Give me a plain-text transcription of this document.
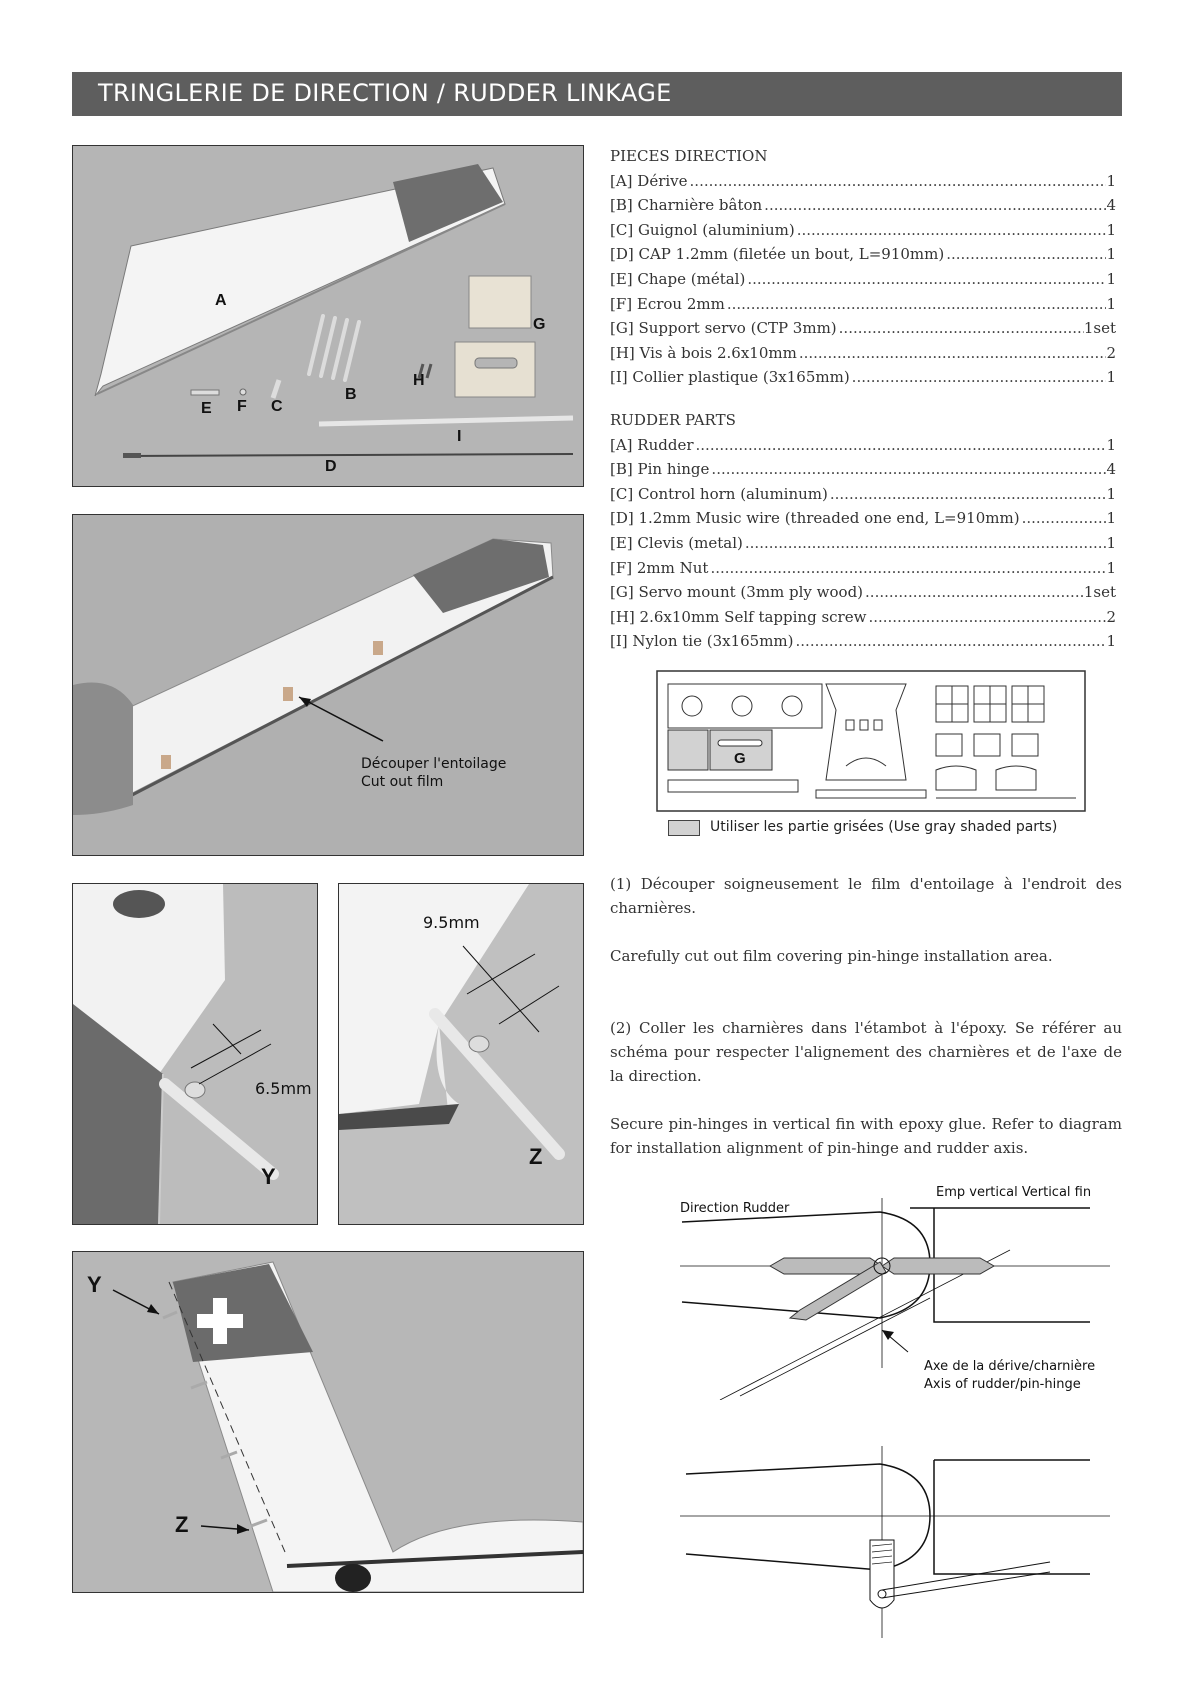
TRINGLERIE DE DIRECTION / RUDDER LINKAGE
A
B
C
D
E F
G
H
I
Découper l'entoilage
Cut out film
6.5mm
Y
9.5mm
Z
Y
Z
PIECES DIRECTION
[A] Dérive .....	1
[B] Charnière bâton .....	4
[C] Guignol (aluminium) .....	1
[D] CAP 1.2mm (filetée un bout, L=910mm) .....	1
[E] Chape (métal) .....	1
[F] Ecrou 2mm .....	1
[G] Support servo (CTP 3mm) .....	1set
[H] Vis à bois 2.6x10mm .....	2
[I] Collier plastique (3x165mm) .....	1
RUDDER PARTS
[A] Rudder .....	1
[B] Pin hinge .....	4
[C] Control horn (aluminum) .....	1
[D] 1.2mm Music wire (threaded one end, L=910mm) .....	1
[E] Clevis (metal) .....	1
[F] 2mm Nut .....	1
[G] Servo mount (3mm ply wood) .....	1set
[H] 2.6x10mm Self tapping screw .....	2
[I] Nylon tie (3x165mm) .....	1
G
Utiliser les partie grisées (Use gray shaded parts)
(1) Découper soigneusement le film d'entoilage à l'endroit des charnières.
Carefully cut out film covering pin-hinge installation area.
(2) Coller les charnières dans l'étambot à l'époxy. Se référer au schéma pour respecter l'alignement des charnières et de l'axe de la direction.
Secure pin-hinges in vertical fin with epoxy glue. Refer to diagram for installation alignment of pin-hinge and rudder axis.
Direction Rudder
Emp vertical Vertical fin
Axe de la dérive/charnière
Axis of rudder/pin-hinge
